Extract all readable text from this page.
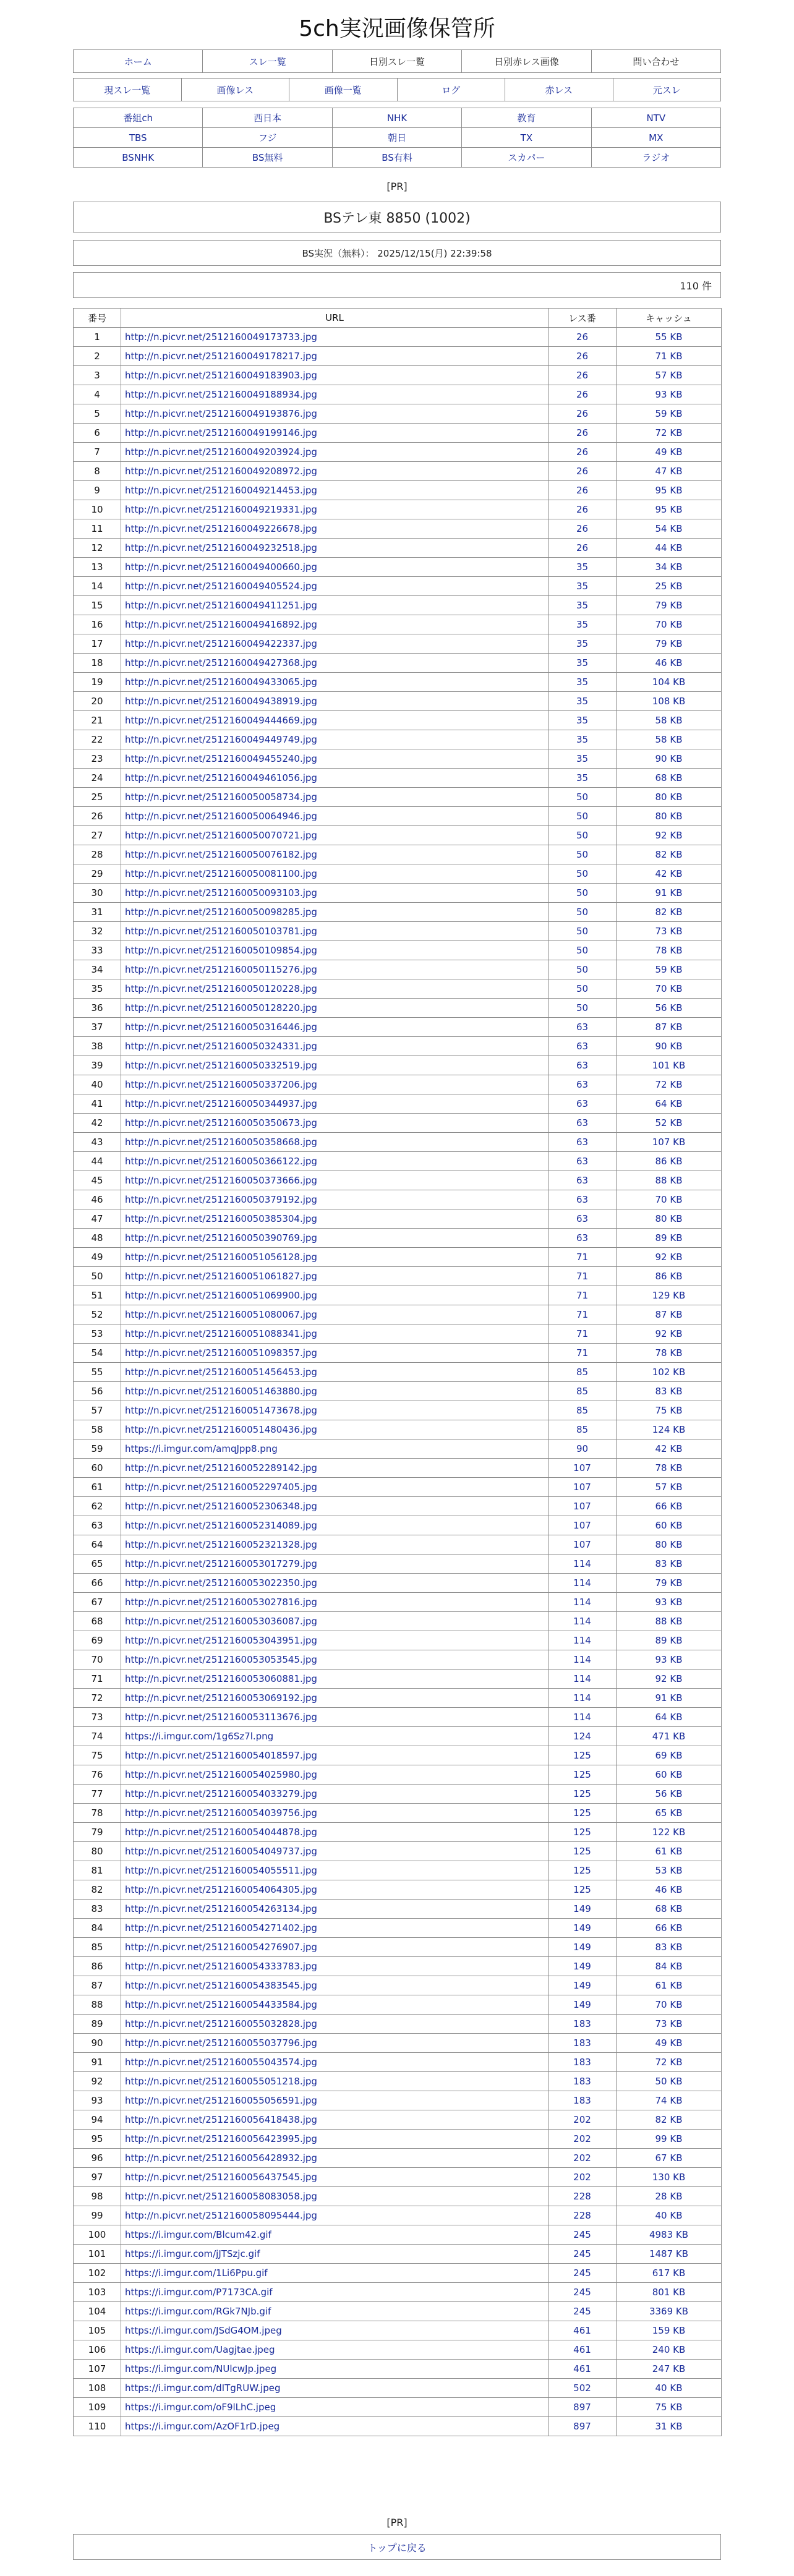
5ch実況画像保管所
ホーム	スレ一覧	日別スレ一覧	日別赤レス画像	問い合わせ
現スレ一覧	画像レス	画像一覧	ログ	赤レス	元スレ
番組ch	西日本	NHK	教育	NTV
TBS	フジ	朝日	TX	MX
BSNHK	BS無料	BS有料	スカパー	ラジオ
[PR]
BSテレ東 8850 (1002)
BS実況（無料）： 2025/12/15(月) 22:39:58
110 件
番号	URL	レス番	キャッシュ
1	http://n.picvr.net/2512160049173733.jpg	26	55 KB
2	http://n.picvr.net/2512160049178217.jpg	26	71 KB
3	http://n.picvr.net/2512160049183903.jpg	26	57 KB
4	http://n.picvr.net/2512160049188934.jpg	26	93 KB
5	http://n.picvr.net/2512160049193876.jpg	26	59 KB
6	http://n.picvr.net/2512160049199146.jpg	26	72 KB
7	http://n.picvr.net/2512160049203924.jpg	26	49 KB
8	http://n.picvr.net/2512160049208972.jpg	26	47 KB
9	http://n.picvr.net/2512160049214453.jpg	26	95 KB
10	http://n.picvr.net/2512160049219331.jpg	26	95 KB
11	http://n.picvr.net/2512160049226678.jpg	26	54 KB
12	http://n.picvr.net/2512160049232518.jpg	26	44 KB
13	http://n.picvr.net/2512160049400660.jpg	35	34 KB
14	http://n.picvr.net/2512160049405524.jpg	35	25 KB
15	http://n.picvr.net/2512160049411251.jpg	35	79 KB
16	http://n.picvr.net/2512160049416892.jpg	35	70 KB
17	http://n.picvr.net/2512160049422337.jpg	35	79 KB
18	http://n.picvr.net/2512160049427368.jpg	35	46 KB
19	http://n.picvr.net/2512160049433065.jpg	35	104 KB
20	http://n.picvr.net/2512160049438919.jpg	35	108 KB
21	http://n.picvr.net/2512160049444669.jpg	35	58 KB
22	http://n.picvr.net/2512160049449749.jpg	35	58 KB
23	http://n.picvr.net/2512160049455240.jpg	35	90 KB
24	http://n.picvr.net/2512160049461056.jpg	35	68 KB
25	http://n.picvr.net/2512160050058734.jpg	50	80 KB
26	http://n.picvr.net/2512160050064946.jpg	50	80 KB
27	http://n.picvr.net/2512160050070721.jpg	50	92 KB
28	http://n.picvr.net/2512160050076182.jpg	50	82 KB
29	http://n.picvr.net/2512160050081100.jpg	50	42 KB
30	http://n.picvr.net/2512160050093103.jpg	50	91 KB
31	http://n.picvr.net/2512160050098285.jpg	50	82 KB
32	http://n.picvr.net/2512160050103781.jpg	50	73 KB
33	http://n.picvr.net/2512160050109854.jpg	50	78 KB
34	http://n.picvr.net/2512160050115276.jpg	50	59 KB
35	http://n.picvr.net/2512160050120228.jpg	50	70 KB
36	http://n.picvr.net/2512160050128220.jpg	50	56 KB
37	http://n.picvr.net/2512160050316446.jpg	63	87 KB
38	http://n.picvr.net/2512160050324331.jpg	63	90 KB
39	http://n.picvr.net/2512160050332519.jpg	63	101 KB
40	http://n.picvr.net/2512160050337206.jpg	63	72 KB
41	http://n.picvr.net/2512160050344937.jpg	63	64 KB
42	http://n.picvr.net/2512160050350673.jpg	63	52 KB
43	http://n.picvr.net/2512160050358668.jpg	63	107 KB
44	http://n.picvr.net/2512160050366122.jpg	63	86 KB
45	http://n.picvr.net/2512160050373666.jpg	63	88 KB
46	http://n.picvr.net/2512160050379192.jpg	63	70 KB
47	http://n.picvr.net/2512160050385304.jpg	63	80 KB
48	http://n.picvr.net/2512160050390769.jpg	63	89 KB
49	http://n.picvr.net/2512160051056128.jpg	71	92 KB
50	http://n.picvr.net/2512160051061827.jpg	71	86 KB
51	http://n.picvr.net/2512160051069900.jpg	71	129 KB
52	http://n.picvr.net/2512160051080067.jpg	71	87 KB
53	http://n.picvr.net/2512160051088341.jpg	71	92 KB
54	http://n.picvr.net/2512160051098357.jpg	71	78 KB
55	http://n.picvr.net/2512160051456453.jpg	85	102 KB
56	http://n.picvr.net/2512160051463880.jpg	85	83 KB
57	http://n.picvr.net/2512160051473678.jpg	85	75 KB
58	http://n.picvr.net/2512160051480436.jpg	85	124 KB
59	https://i.imgur.com/amqJpp8.png	90	42 KB
60	http://n.picvr.net/2512160052289142.jpg	107	78 KB
61	http://n.picvr.net/2512160052297405.jpg	107	57 KB
62	http://n.picvr.net/2512160052306348.jpg	107	66 KB
63	http://n.picvr.net/2512160052314089.jpg	107	60 KB
64	http://n.picvr.net/2512160052321328.jpg	107	80 KB
65	http://n.picvr.net/2512160053017279.jpg	114	83 KB
66	http://n.picvr.net/2512160053022350.jpg	114	79 KB
67	http://n.picvr.net/2512160053027816.jpg	114	93 KB
68	http://n.picvr.net/2512160053036087.jpg	114	88 KB
69	http://n.picvr.net/2512160053043951.jpg	114	89 KB
70	http://n.picvr.net/2512160053053545.jpg	114	93 KB
71	http://n.picvr.net/2512160053060881.jpg	114	92 KB
72	http://n.picvr.net/2512160053069192.jpg	114	91 KB
73	http://n.picvr.net/2512160053113676.jpg	114	64 KB
74	https://i.imgur.com/1g6Sz7l.png	124	471 KB
75	http://n.picvr.net/2512160054018597.jpg	125	69 KB
76	http://n.picvr.net/2512160054025980.jpg	125	60 KB
77	http://n.picvr.net/2512160054033279.jpg	125	56 KB
78	http://n.picvr.net/2512160054039756.jpg	125	65 KB
79	http://n.picvr.net/2512160054044878.jpg	125	122 KB
80	http://n.picvr.net/2512160054049737.jpg	125	61 KB
81	http://n.picvr.net/2512160054055511.jpg	125	53 KB
82	http://n.picvr.net/2512160054064305.jpg	125	46 KB
83	http://n.picvr.net/2512160054263134.jpg	149	68 KB
84	http://n.picvr.net/2512160054271402.jpg	149	66 KB
85	http://n.picvr.net/2512160054276907.jpg	149	83 KB
86	http://n.picvr.net/2512160054333783.jpg	149	84 KB
87	http://n.picvr.net/2512160054383545.jpg	149	61 KB
88	http://n.picvr.net/2512160054433584.jpg	149	70 KB
89	http://n.picvr.net/2512160055032828.jpg	183	73 KB
90	http://n.picvr.net/2512160055037796.jpg	183	49 KB
91	http://n.picvr.net/2512160055043574.jpg	183	72 KB
92	http://n.picvr.net/2512160055051218.jpg	183	50 KB
93	http://n.picvr.net/2512160055056591.jpg	183	74 KB
94	http://n.picvr.net/2512160056418438.jpg	202	82 KB
95	http://n.picvr.net/2512160056423995.jpg	202	99 KB
96	http://n.picvr.net/2512160056428932.jpg	202	67 KB
97	http://n.picvr.net/2512160056437545.jpg	202	130 KB
98	http://n.picvr.net/2512160058083058.jpg	228	28 KB
99	http://n.picvr.net/2512160058095444.jpg	228	40 KB
100	https://i.imgur.com/Blcum42.gif	245	4983 KB
101	https://i.imgur.com/jJTSzjc.gif	245	1487 KB
102	https://i.imgur.com/1Li6Ppu.gif	245	617 KB
103	https://i.imgur.com/P7173CA.gif	245	801 KB
104	https://i.imgur.com/RGk7NJb.gif	245	3369 KB
105	https://i.imgur.com/JSdG4OM.jpeg	461	159 KB
106	https://i.imgur.com/Uagjtae.jpeg	461	240 KB
107	https://i.imgur.com/NUlcwJp.jpeg	461	247 KB
108	https://i.imgur.com/dITgRUW.jpeg	502	40 KB
109	https://i.imgur.com/oF9lLhC.jpeg	897	75 KB
110	https://i.imgur.com/AzOF1rD.jpeg	897	31 KB
[PR]
トップに戻る
